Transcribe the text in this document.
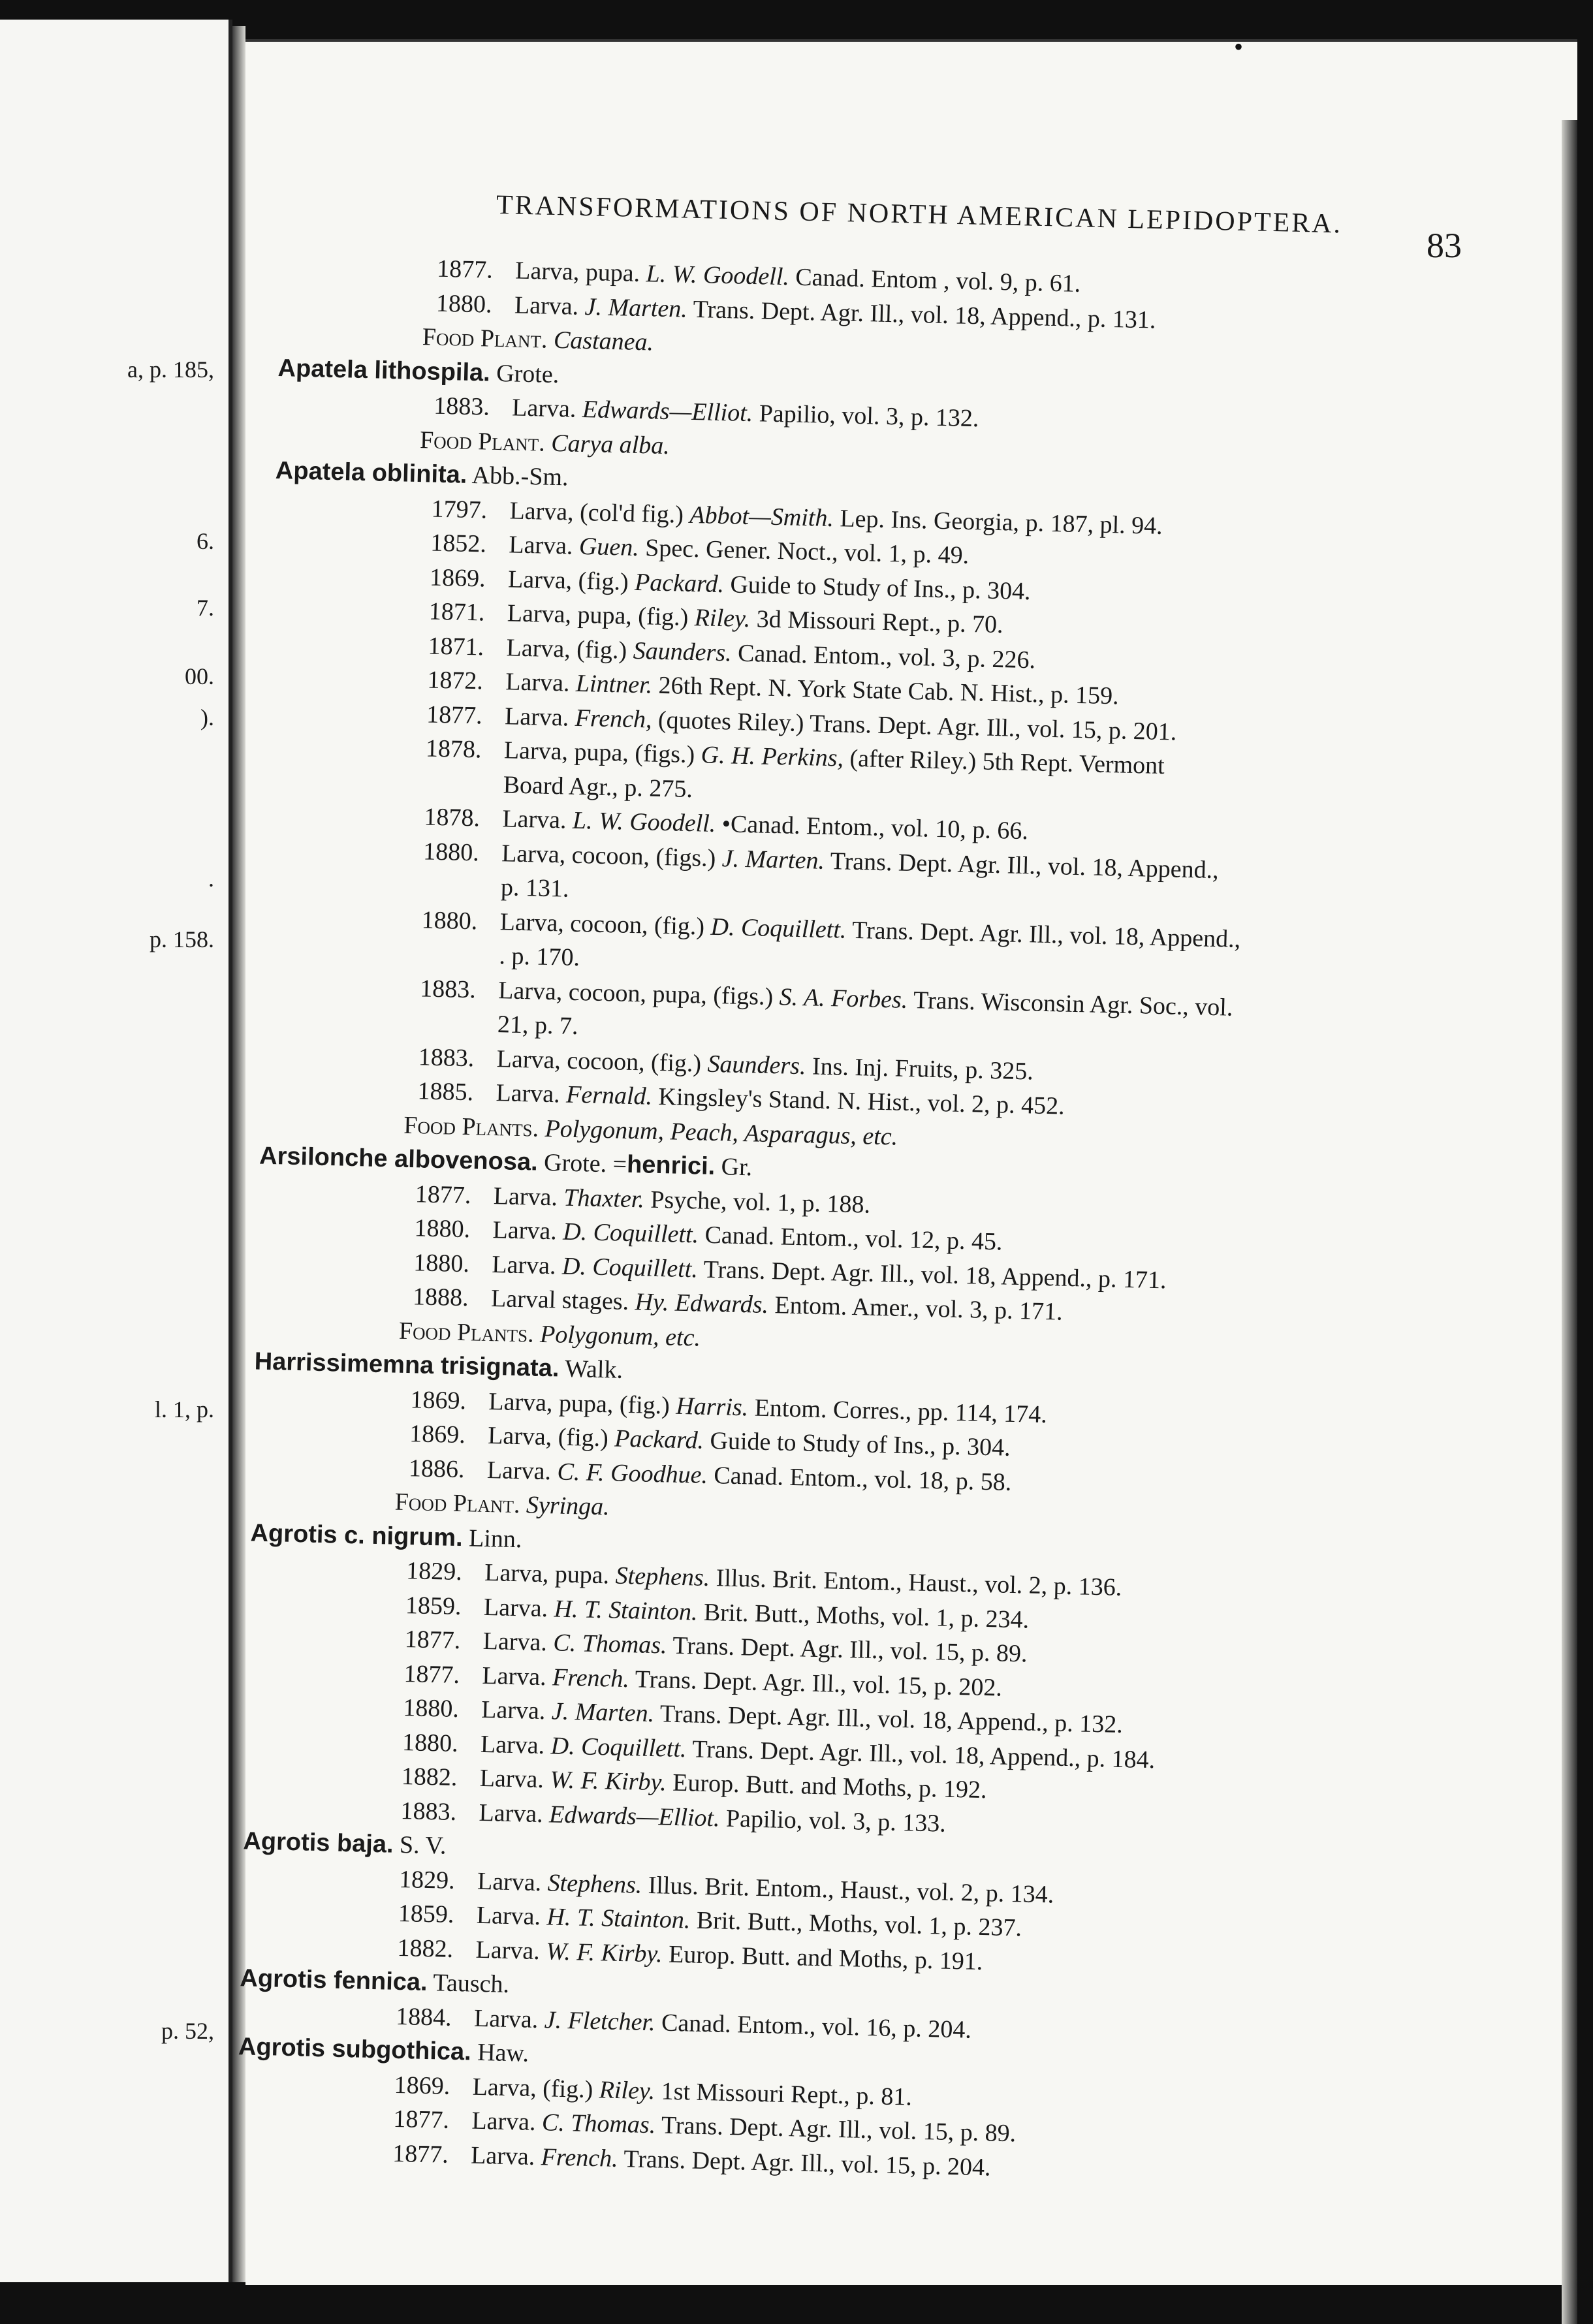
a, p. 185,
6.
7.
00.
).
.
p. 158.
l. 1, p.
p. 52,
•
TRANSFORMATIONS OF NORTH AMERICAN LEPIDOPTERA.
83
1877. Larva, pupa. L. W. Goodell. Canad. Entom , vol. 9, p. 61.
1880. Larva. J. Marten. Trans. Dept. Agr. Ill., vol. 18, Append., p. 131.
Food Plant. Castanea.
Apatela lithospila. Grote.
1883. Larva. Edwards—Elliot. Papilio, vol. 3, p. 132.
Food Plant. Carya alba.
Apatela oblinita. Abb.-Sm.
1797. Larva, (col'd fig.) Abbot—Smith. Lep. Ins. Georgia, p. 187, pl. 94.
1852. Larva. Guen. Spec. Gener. Noct., vol. 1, p. 49.
1869. Larva, (fig.) Packard. Guide to Study of Ins., p. 304.
1871. Larva, pupa, (fig.) Riley. 3d Missouri Rept., p. 70.
1871. Larva, (fig.) Saunders. Canad. Entom., vol. 3, p. 226.
1872. Larva. Lintner. 26th Rept. N. York State Cab. N. Hist., p. 159.
1877. Larva. French, (quotes Riley.) Trans. Dept. Agr. Ill., vol. 15, p. 201.
1878. Larva, pupa, (figs.) G. H. Perkins, (after Riley.) 5th Rept. Vermont
Board Agr., p. 275.
1878. Larva. L. W. Goodell. •Canad. Entom., vol. 10, p. 66.
1880. Larva, cocoon, (figs.) J. Marten. Trans. Dept. Agr. Ill., vol. 18, Append.,
p. 131.
1880. Larva, cocoon, (fig.) D. Coquillett. Trans. Dept. Agr. Ill., vol. 18, Append.,
. p. 170.
1883. Larva, cocoon, pupa, (figs.) S. A. Forbes. Trans. Wisconsin Agr. Soc., vol.
21, p. 7.
1883. Larva, cocoon, (fig.) Saunders. Ins. Inj. Fruits, p. 325.
1885. Larva. Fernald. Kingsley's Stand. N. Hist., vol. 2, p. 452.
Food Plants. Polygonum, Peach, Asparagus, etc.
Arsilonche albovenosa. Grote. =henrici. Gr.
1877. Larva. Thaxter. Psyche, vol. 1, p. 188.
1880. Larva. D. Coquillett. Canad. Entom., vol. 12, p. 45.
1880. Larva. D. Coquillett. Trans. Dept. Agr. Ill., vol. 18, Append., p. 171.
1888. Larval stages. Hy. Edwards. Entom. Amer., vol. 3, p. 171.
Food Plants. Polygonum, etc.
Harrissimemna trisignata. Walk.
1869. Larva, pupa, (fig.) Harris. Entom. Corres., pp. 114, 174.
1869. Larva, (fig.) Packard. Guide to Study of Ins., p. 304.
1886. Larva. C. F. Goodhue. Canad. Entom., vol. 18, p. 58.
Food Plant. Syringa.
Agrotis c. nigrum. Linn.
1829. Larva, pupa. Stephens. Illus. Brit. Entom., Haust., vol. 2, p. 136.
1859. Larva. H. T. Stainton. Brit. Butt., Moths, vol. 1, p. 234.
1877. Larva. C. Thomas. Trans. Dept. Agr. Ill., vol. 15, p. 89.
1877. Larva. French. Trans. Dept. Agr. Ill., vol. 15, p. 202.
1880. Larva. J. Marten. Trans. Dept. Agr. Ill., vol. 18, Append., p. 132.
1880. Larva. D. Coquillett. Trans. Dept. Agr. Ill., vol. 18, Append., p. 184.
1882. Larva. W. F. Kirby. Europ. Butt. and Moths, p. 192.
1883. Larva. Edwards—Elliot. Papilio, vol. 3, p. 133.
Agrotis baja. S. V.
1829. Larva. Stephens. Illus. Brit. Entom., Haust., vol. 2, p. 134.
1859. Larva. H. T. Stainton. Brit. Butt., Moths, vol. 1, p. 237.
1882. Larva. W. F. Kirby. Europ. Butt. and Moths, p. 191.
Agrotis fennica. Tausch.
1884. Larva. J. Fletcher. Canad. Entom., vol. 16, p. 204.
Agrotis subgothica. Haw.
1869. Larva, (fig.) Riley. 1st Missouri Rept., p. 81.
1877. Larva. C. Thomas. Trans. Dept. Agr. Ill., vol. 15, p. 89.
1877. Larva. French. Trans. Dept. Agr. Ill., vol. 15, p. 204.
